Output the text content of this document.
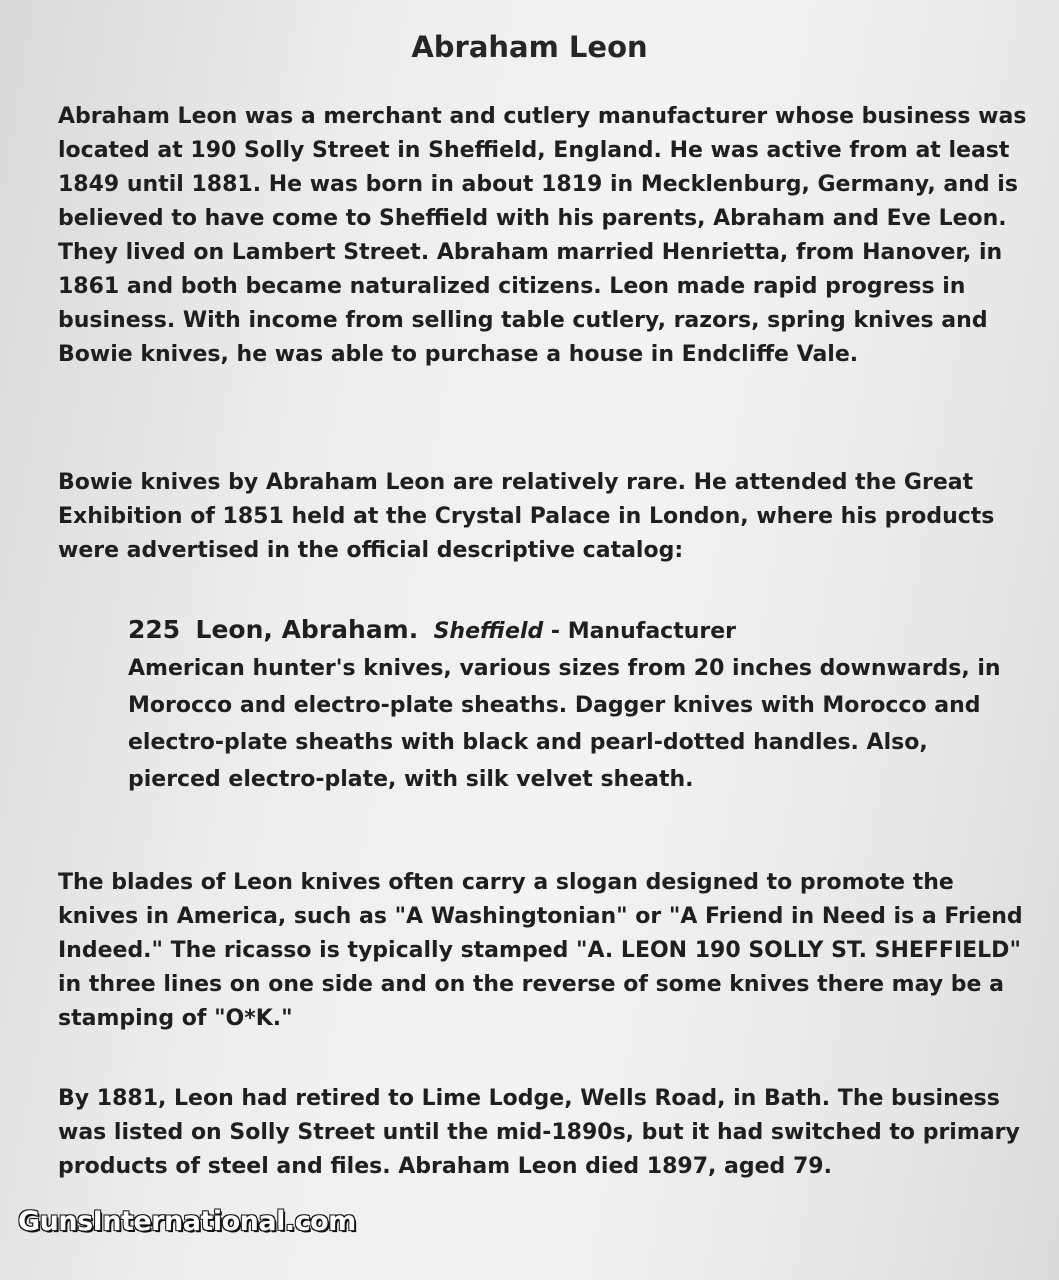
Abraham Leon
Abraham Leon was a merchant and cutlery manufacturer whose business was located at 190 Solly Street in Sheffield, England. He was active from at least 1849 until 1881. He was born in about 1819 in Mecklenburg, Germany, and is believed to have come to Sheffield with his parents, Abraham and Eve Leon. They lived on Lambert Street. Abraham married Henrietta, from Hanover, in 1861 and both became naturalized citizens. Leon made rapid progress in business. With income from selling table cutlery, razors, spring knives and Bowie knives, he was able to purchase a house in Endcliffe Vale.
Bowie knives by Abraham Leon are relatively rare. He attended the Great Exhibition of 1851 held at the Crystal Palace in London, where his products were advertised in the official descriptive catalog:
225 Leon, Abraham. Sheffield - Manufacturer
American hunter's knives, various sizes from 20 inches downwards, in Morocco and electro-plate sheaths. Dagger knives with Morocco and electro-plate sheaths with black and pearl-dotted handles. Also, pierced electro-plate, with silk velvet sheath.
The blades of Leon knives often carry a slogan designed to promote the knives in America, such as "A Washingtonian" or "A Friend in Need is a Friend Indeed." The ricasso is typically stamped "A. LEON 190 SOLLY ST. SHEFFIELD" in three lines on one side and on the reverse of some knives there may be a stamping of "O*K."
By 1881, Leon had retired to Lime Lodge, Wells Road, in Bath. The business was listed on Solly Street until the mid-1890s, but it had switched to primary products of steel and files. Abraham Leon died 1897, aged 79.
GunsInternational.com
